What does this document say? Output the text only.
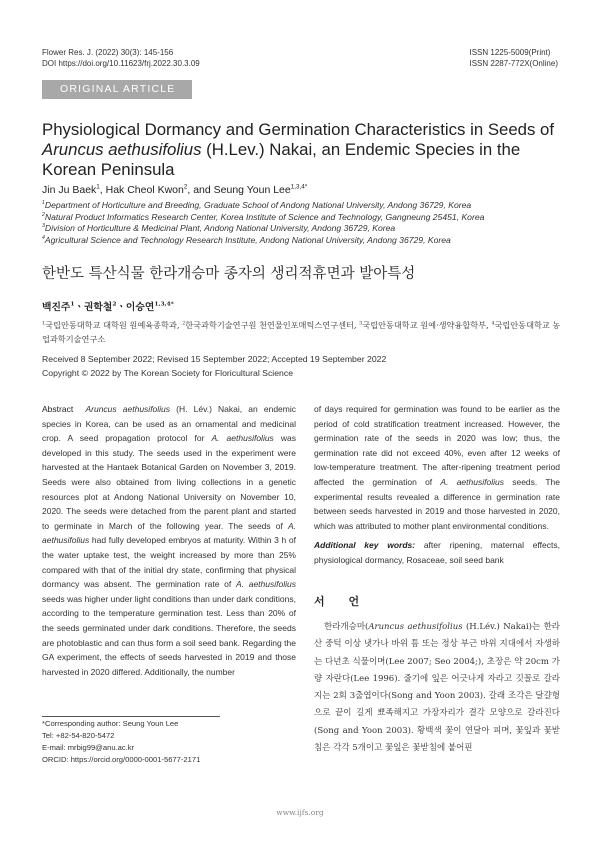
Flower Res. J. (2022) 30(3): 145-156
DOI https://doi.org/10.11623/frj.2022.30.3.09
ISSN 1225-5009(Print)
ISSN 2287-772X(Online)
ORIGINAL ARTICLE
Physiological Dormancy and Germination Characteristics in Seeds of Aruncus aethusifolius (H.Lev.) Nakai, an Endemic Species in the Korean Peninsula
Jin Ju Baek$^1$, Hak Cheol Kwon$^2$, and Seung Youn Lee$^{1,3,4*}$
$^1$Department of Horticulture and Breeding, Graduate School of Andong National University, Andong 36729, Korea
$^2$Natural Product Informatics Research Center, Korea Institute of Science and Technology, Gangneung 25451, Korea
$^3$Division of Horticulture & Medicinal Plant, Andong National University, Andong 36729, Korea
$^4$Agricultural Science and Technology Research Institute, Andong National University, Andong 36729, Korea
한반도 특산식물 한라개승마 종자의 생리적휴면과 발아특성
백진주$^1$ㆍ권학철$^2$ㆍ이승연$^{1,3,4*}$
$^1$국립안동대학교 대학원 원예육종학과, $^2$한국과학기술연구원 천연물인포매틱스연구센터, $^3$국립안동대학교 원예·생약융합학부, $^4$국립안동대학교 농업과학기술연구소
Received 8 September 2022; Revised 15 September 2022; Accepted 19 September 2022
Copyright © 2022 by The Korean Society for Floricultural Science

Abstract Aruncus aethusifolius (H. Lév.) Nakai, an endemic species in Korea, can be used as an ornamental and medicinal crop. A seed propagation protocol for A. aethusifolius was developed in this study. The seeds used in the experiment were harvested at the Hantaek Botanical Garden on November 3, 2019. Seeds were also obtained from living collections in a genetic resources plot at Andong National University on November 10, 2020. The seeds were detached from the parent plant and started to germinate in March of the following year. The seeds of A. aethusifolius had fully developed embryos at maturity. Within 3 h of the water uptake test, the weight increased by more than 25% compared with that of the initial dry state, confirming that physical dormancy was absent. The germination rate of A. aethusifolius seeds was higher under light conditions than under dark conditions, according to the temperature germination test. Less than 20% of the seeds germinated under dark conditions. Therefore, the seeds are photoblastic and can thus form a soil seed bank. Regarding the GA experiment, the effects of seeds harvested in 2019 and those harvested in 2020 differed. Additionally, the number

of days required for germination was found to be earlier as the period of cold stratification treatment increased. However, the germination rate of the seeds in 2020 was low; thus, the germination rate did not exceed 40%, even after 12 weeks of low-temperature treatment. The after-ripening treatment period affected the germination of A. aethusifolius seeds. The experimental results revealed a difference in germination rate between seeds harvested in 2019 and those harvested in 2020, which was attributed to mother plant environmental conditions.

Additional key words: after ripening, maternal effects, physiological dormancy, Rosaceae, soil seed bank

서 언

한라개승마(Aruncus aethusifolius (H.Lév.) Nakai)는 한라산 중턱 이상 냇가나 바위 틈 또는 정상 부근 바위 지대에서 자생하는 다년초 식물이며(Lee 2007; Seo 2004;), 초장은 약 20cm 가량 자란다(Lee 1996). 줄기에 잎은 어긋나게 자라고 깃꼴로 갈라지는 2회 3출엽이다(Song and Yoon 2003). 갈래 조각은 달걀형으로 끝이 길게 뾰족해지고 가장자리가 결각 모양으로 갈라진다(Song and Yoon 2003). 황백색 꽃이 연달아 피며, 꽃잎과 꽃받침은 각각 5개이고 꽃잎은 꽃받침에 붙어핀

*Corresponding author: Seung Youn Lee
Tel: +82-54-820-5472
E-mail: mrbig99@anu.ac.kr
ORCID: https://orcid.org/0000-0001-5677-2171
www.ijfs.org
